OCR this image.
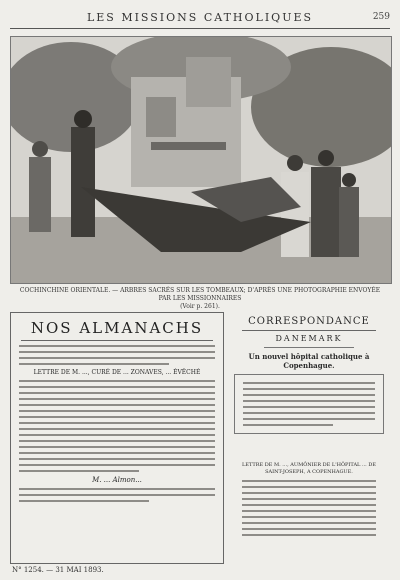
LES MISSIONS CATHOLIQUES	259
COCHINCHINE ORIENTALE. — ARBRES SACRÉS SUR LES TOMBEAUX; D'APRÈS UNE PHOTOGRAPHIE ENVOYÉE PAR LES MISSIONNAIRES
(Voir p. 261).
NOS ALMANACHS
LETTRE DE M. ..., CURÉ DE ... ZONAVES, ... ÉVÊCHÉ
M. ... Almon...
CORRESPONDANCE
DANEMARK
Un nouvel hôpital catholique à Copenhague.
LETTRE DE M. ..., AUMÔNIER DE L'HÔPITAL ... DE SAINT-JOSEPH, A COPENHAGUE.
N° 1254. — 31 MAI 1893.
